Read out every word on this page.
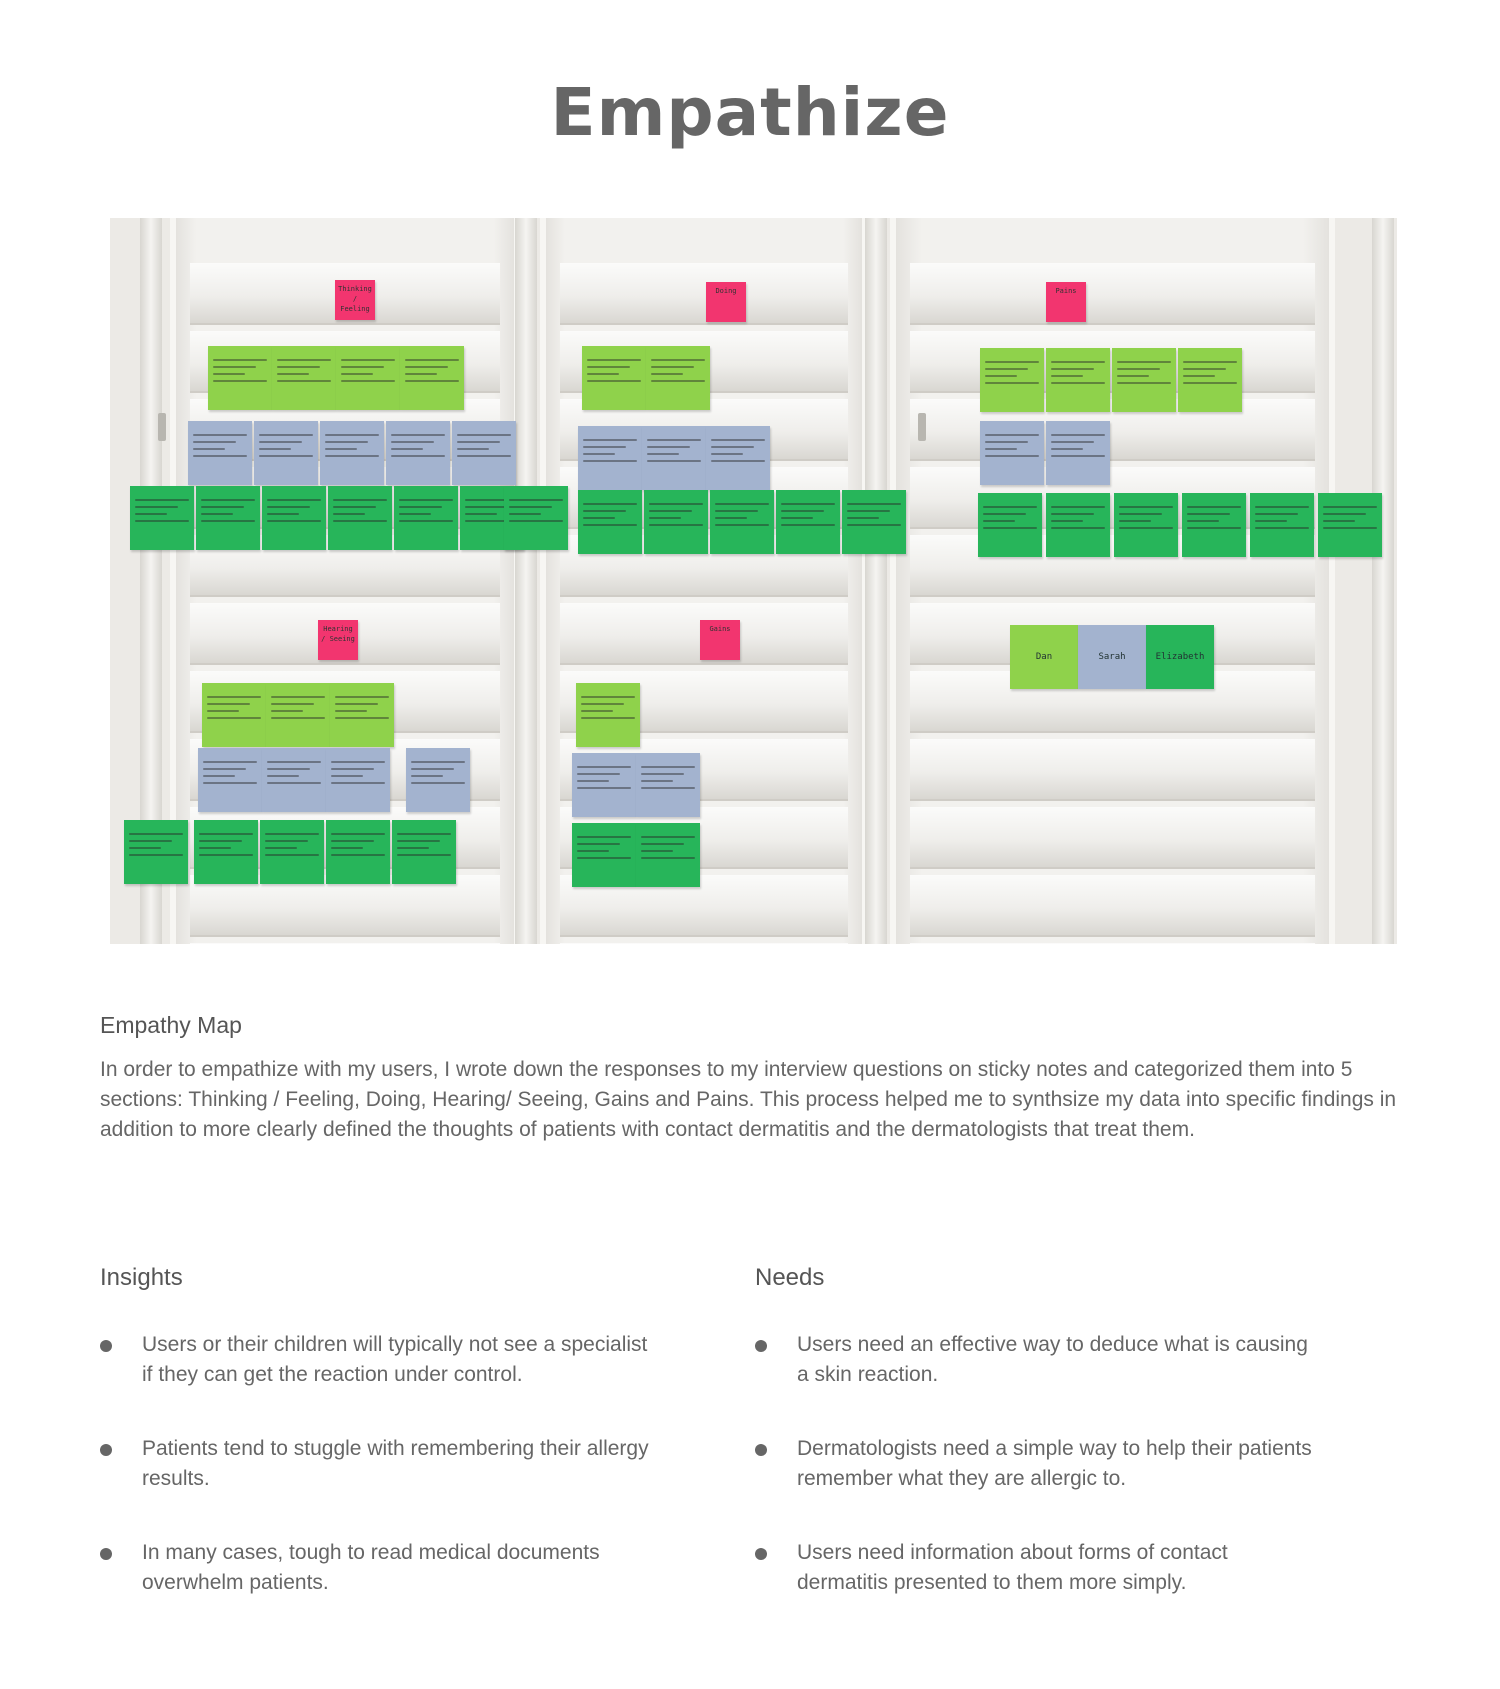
Empathize
Thinking / Feeling
Doing	Pains
Hearing / Seeing
Gains
Dan	Sarah	Elizabeth
Empathy Map

In order to empathize with my users, I wrote down the responses to my interview questions on sticky notes and categorized them into 5 sections: Thinking / Feeling, Doing, Hearing/ Seeing, Gains and Pains. This process helped me to synthsize my data into specific findings in addition to more clearly defined the thoughts of patients with contact dermatitis and the dermatologists that treat them.

Insights
Users or their children will typically not see a specialist if they can get the reaction under control.
Patients tend to stuggle with remembering their allergy results.
In many cases, tough to read medical documents overwhelm patients.
Needs
Users need an effective way to deduce what is causing a skin reaction.
Dermatologists need a simple way to help their patients remember what they are allergic to.
Users need information about forms of contact dermatitis presented to them more simply.
